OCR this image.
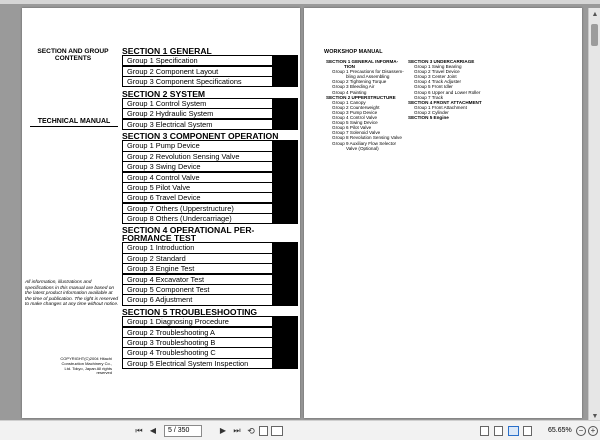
SECTION AND GROUP CONTENTS
TECHNICAL MANUAL
All information, illustrations and specifications in this manual are based on the latest product information available at the time of publication. The right is reserved to make changes at any time without notice.
COPYRIGHT(C)2004 Hitachi Construction Machinery Co., Ltd. Tokyo, Japan All rights reserved
SECTION 1 GENERAL
Group 1 Specification
Group 2 Component Layout
Group 3 Component Specifications
SECTION 2 SYSTEM
Group 1 Control System
Group 2 Hydraulic System
Group 3 Electrical System
SECTION 3 COMPONENT OPERATION
Group 1 Pump Device
Group 2 Revolution Sensing Valve
Group 3 Swing Device
Group 4 Control Valve
Group 5 Pilot Valve
Group 6 Travel Device
Group 7 Others (Upperstructure)
Group 8 Others (Undercarriage)
SECTION 4 OPERATIONAL PER-FORMANCE TEST
Group 1 Introduction
Group 2 Standard
Group 3 Engine Test
Group 4 Excavator Test
Group 5 Component Test
Group 6 Adjustment
SECTION 5 TROUBLESHOOTING
Group 1 Diagnosing Procedure
Group 2 Troubleshooting A
Group 3 Troubleshooting B
Group 4 Troubleshooting C
Group 5 Electrical System Inspection
WORKSHOP MANUAL
SECTION 1 GENERAL INFORMA-
TION
Group 1 Precautions for Disassem-
bling and Assembling
Group 2 Tightening Torque
Group 3 Bleeding Air
Group 4 Painting
SECTION 2 UPPERSTRUCTURE
Group 1 Canopy
Group 2 Counterweight
Group 3 Pump Device
Group 4 Control Valve
Group 5 Swing Device
Group 6 Pilot Valve
Group 7 Solenoid Valve
Group 8 Revolution Sensing Valve
Group 9 Auxiliary Flow Selector
Valve (Optional)
SECTION 3 UNDERCARRIAGE
Group 1 Swing Bearing
Group 2 Travel Device
Group 3 Center Joint
Group 4 Track Adjuster
Group 5 Front Idler
Group 6 Upper and Lower Roller
Group 7 Track
SECTION 4 FRONT ATTACHMENT
Group 1 Front Attachment
Group 2 Cylinder
SECTION 5 Engine
▲
▼
⏮ ◀	5 / 350	▶ ⏭ ⟲	65.65% − +
